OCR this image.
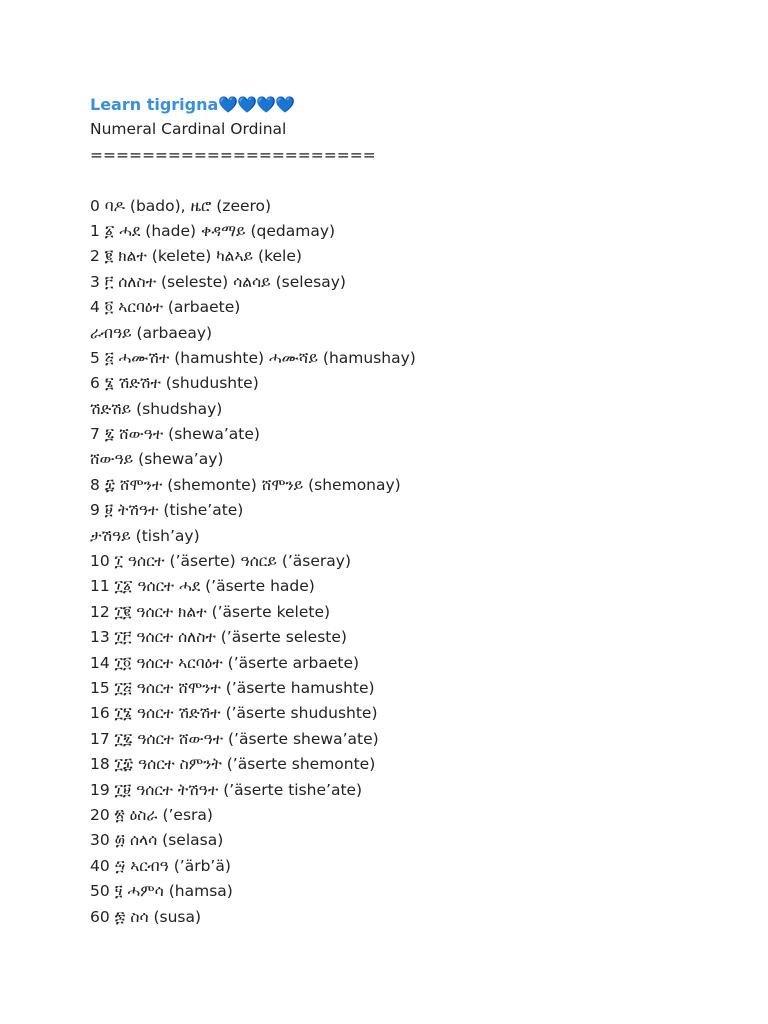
Learn tigrigna💙💙💙💙
Numeral Cardinal Ordinal
======================
0 ባዶ (bado), ዜሮ (zeero)
1 ፩ ሓደ (hade) ቀዳማይ (qedamay)
2 ፪ ክልተ (kelete) ካልኣይ (kele)
3 ፫ ሰለስተ (seleste) ሳልሳይ (selesay)
4 ፬ ኣርባዕተ (arbaete)
ራብዓይ (arbaeay)
5 ፭ ሓሙሽተ (hamushte) ሓሙሻይ (hamushay)
6 ፮ ሽድሽተ (shudushte)
ሽድሽይ (shudshay)
7 ፯ ሸውዓተ (shewa’ate)
ሸውዓይ (shewa’ay)
8 ፰ ሸሞንተ (shemonte) ሸሞንይ (shemonay)
9 ፱ ትሽዓተ (tishe’ate)
ታሽዓይ (tish’ay)
10 ፲ ዓሰርተ (’äserte) ዓሰርይ (’äseray)
11 ፲፩ ዓሰርተ ሓደ (’äserte hade)
12 ፲፪ ዓሰርተ ክልተ (’äserte kelete)
13 ፲፫ ዓሰርተ ሰለስተ (’äserte seleste)
14 ፲፬ ዓሰርተ ኣርባዕተ (’äserte arbaete)
15 ፲፭ ዓሰርተ ሸሞንተ (’äserte hamushte)
16 ፲፮ ዓሰርተ ሽድሽተ (’äserte shudushte)
17 ፲፯ ዓሰርተ ሸውዓተ (’äserte shewa’ate)
18 ፲፰ ዓሰርተ ስምንት (’äserte shemonte)
19 ፲፱ ዓሰርተ ትሽዓተ (’äserte tishe’ate)
20 ፳ ዕስራ (’esra)
30 ፴ ሰላሳ (selasa)
40 ፵ ኣርብዓ (’ärb’ä)
50 ፶ ሓምሳ (hamsa)
60 ፷ ስሳ (susa)
